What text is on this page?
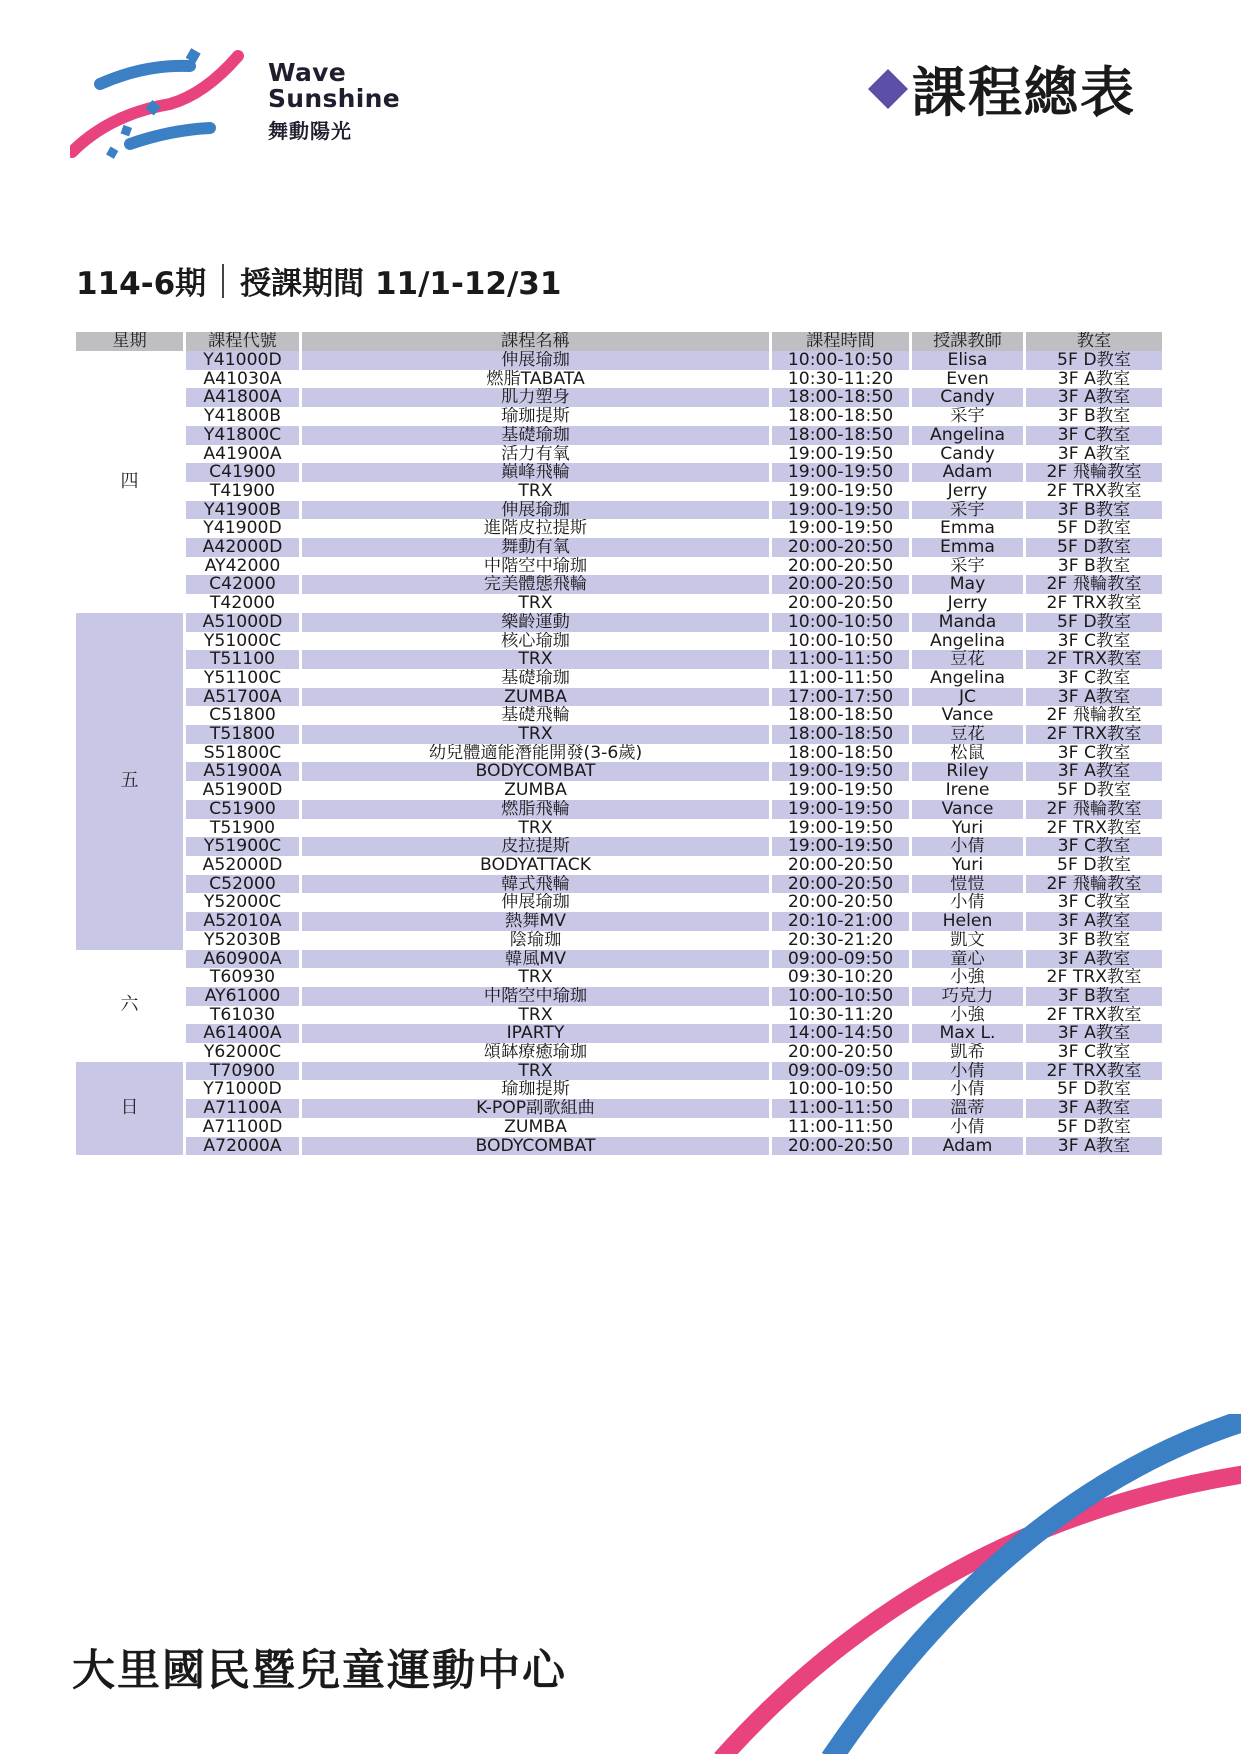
Wave
Sunshine
舞動陽光
課程總表
114-6期 授課期間 11/1-12/31
星期	課程代號	課程名稱	課程時間	授課教師	教室
四	Y41000D	伸展瑜珈	10:00-10:50	Elisa	5F D教室
	A41030A	燃脂TABATA	10:30-11:20	Even	3F A教室
	A41800A	肌力塑身	18:00-18:50	Candy	3F A教室
	Y41800B	瑜珈提斯	18:00-18:50	采宇	3F B教室
	Y41800C	基礎瑜珈	18:00-18:50	Angelina	3F C教室
	A41900A	活力有氧	19:00-19:50	Candy	3F A教室
	C41900	巔峰飛輪	19:00-19:50	Adam	2F 飛輪教室
	T41900	TRX	19:00-19:50	Jerry	2F TRX教室
	Y41900B	伸展瑜珈	19:00-19:50	采宇	3F B教室
	Y41900D	進階皮拉提斯	19:00-19:50	Emma	5F D教室
	A42000D	舞動有氧	20:00-20:50	Emma	5F D教室
	AY42000	中階空中瑜珈	20:00-20:50	采宇	3F B教室
	C42000	完美體態飛輪	20:00-20:50	May	2F 飛輪教室
	T42000	TRX	20:00-20:50	Jerry	2F TRX教室
五	A51000D	樂齡運動	10:00-10:50	Manda	5F D教室
	Y51000C	核心瑜珈	10:00-10:50	Angelina	3F C教室
	T51100	TRX	11:00-11:50	豆花	2F TRX教室
	Y51100C	基礎瑜珈	11:00-11:50	Angelina	3F C教室
	A51700A	ZUMBA	17:00-17:50	JC	3F A教室
	C51800	基礎飛輪	18:00-18:50	Vance	2F 飛輪教室
	T51800	TRX	18:00-18:50	豆花	2F TRX教室
	S51800C	幼兒體適能潛能開發(3-6歲)	18:00-18:50	松鼠	3F C教室
	A51900A	BODYCOMBAT	19:00-19:50	Riley	3F A教室
	A51900D	ZUMBA	19:00-19:50	Irene	5F D教室
	C51900	燃脂飛輪	19:00-19:50	Vance	2F 飛輪教室
	T51900	TRX	19:00-19:50	Yuri	2F TRX教室
	Y51900C	皮拉提斯	19:00-19:50	小倩	3F C教室
	A52000D	BODYATTACK	20:00-20:50	Yuri	5F D教室
	C52000	韓式飛輪	20:00-20:50	愷愷	2F 飛輪教室
	Y52000C	伸展瑜珈	20:00-20:50	小倩	3F C教室
	A52010A	熱舞MV	20:10-21:00	Helen	3F A教室
	Y52030B	陰瑜珈	20:30-21:20	凱文	3F B教室
六	A60900A	韓風MV	09:00-09:50	童心	3F A教室
	T60930	TRX	09:30-10:20	小強	2F TRX教室
	AY61000	中階空中瑜珈	10:00-10:50	巧克力	3F B教室
	T61030	TRX	10:30-11:20	小強	2F TRX教室
	A61400A	IPARTY	14:00-14:50	Max L.	3F A教室
	Y62000C	頌缽療癒瑜珈	20:00-20:50	凱希	3F C教室
日	T70900	TRX	09:00-09:50	小倩	2F TRX教室
	Y71000D	瑜珈提斯	10:00-10:50	小倩	5F D教室
	A71100A	K-POP副歌組曲	11:00-11:50	溫蒂	3F A教室
	A71100D	ZUMBA	11:00-11:50	小倩	5F D教室
	A72000A	BODYCOMBAT	20:00-20:50	Adam	3F A教室
大里國民暨兒童運動中心
